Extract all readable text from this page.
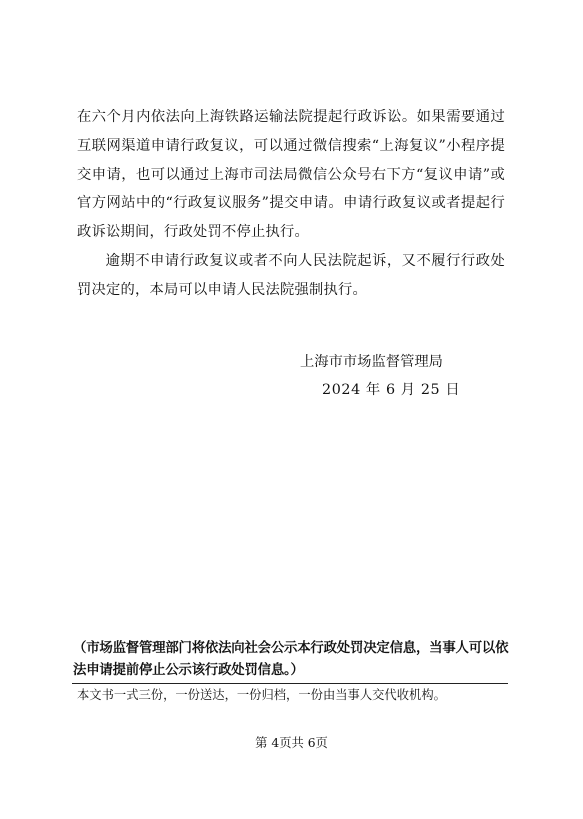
在六个月内依法向上海铁路运输法院提起行政诉讼。如果需要通过互联网渠道申请行政复议，可以通过微信搜索“上海复议”小程序提交申请，也可以通过上海市司法局微信公众号右下方“复议申请”或官方网站中的“行政复议服务”提交申请。申请行政复议或者提起行政诉讼期间，行政处罚不停止执行。

逾期不申请行政复议或者不向人民法院起诉，又不履行行政处罚决定的，本局可以申请人民法院强制执行。

上海市市场监督管理局
2024 年 6 月 25 日
（市场监督管理部门将依法向社会公示本行政处罚决定信息，当事人可以依法申请提前停止公示该行政处罚信息。）
本文书一式三份，一份送达，一份归档，一份由当事人交代收机构。
第 4页共 6页
